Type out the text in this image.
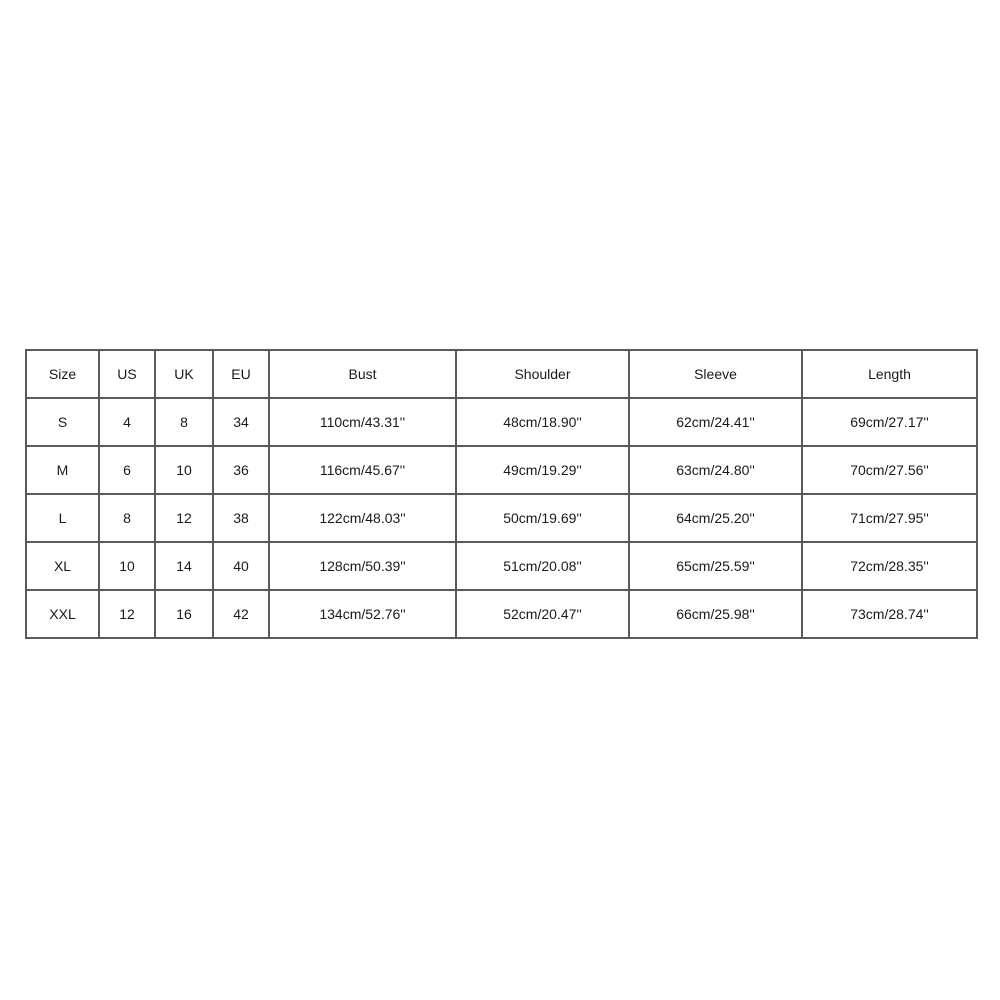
Size	US	UK	EU	Bust	Shoulder	Sleeve	Length
S	4	8	34	110cm/43.31''	48cm/18.90''	62cm/24.41''	69cm/27.17''
M	6	10	36	116cm/45.67''	49cm/19.29''	63cm/24.80''	70cm/27.56''
L	8	12	38	122cm/48.03''	50cm/19.69''	64cm/25.20''	71cm/27.95''
XL	10	14	40	128cm/50.39''	51cm/20.08''	65cm/25.59''	72cm/28.35''
XXL	12	16	42	134cm/52.76''	52cm/20.47''	66cm/25.98''	73cm/28.74''
